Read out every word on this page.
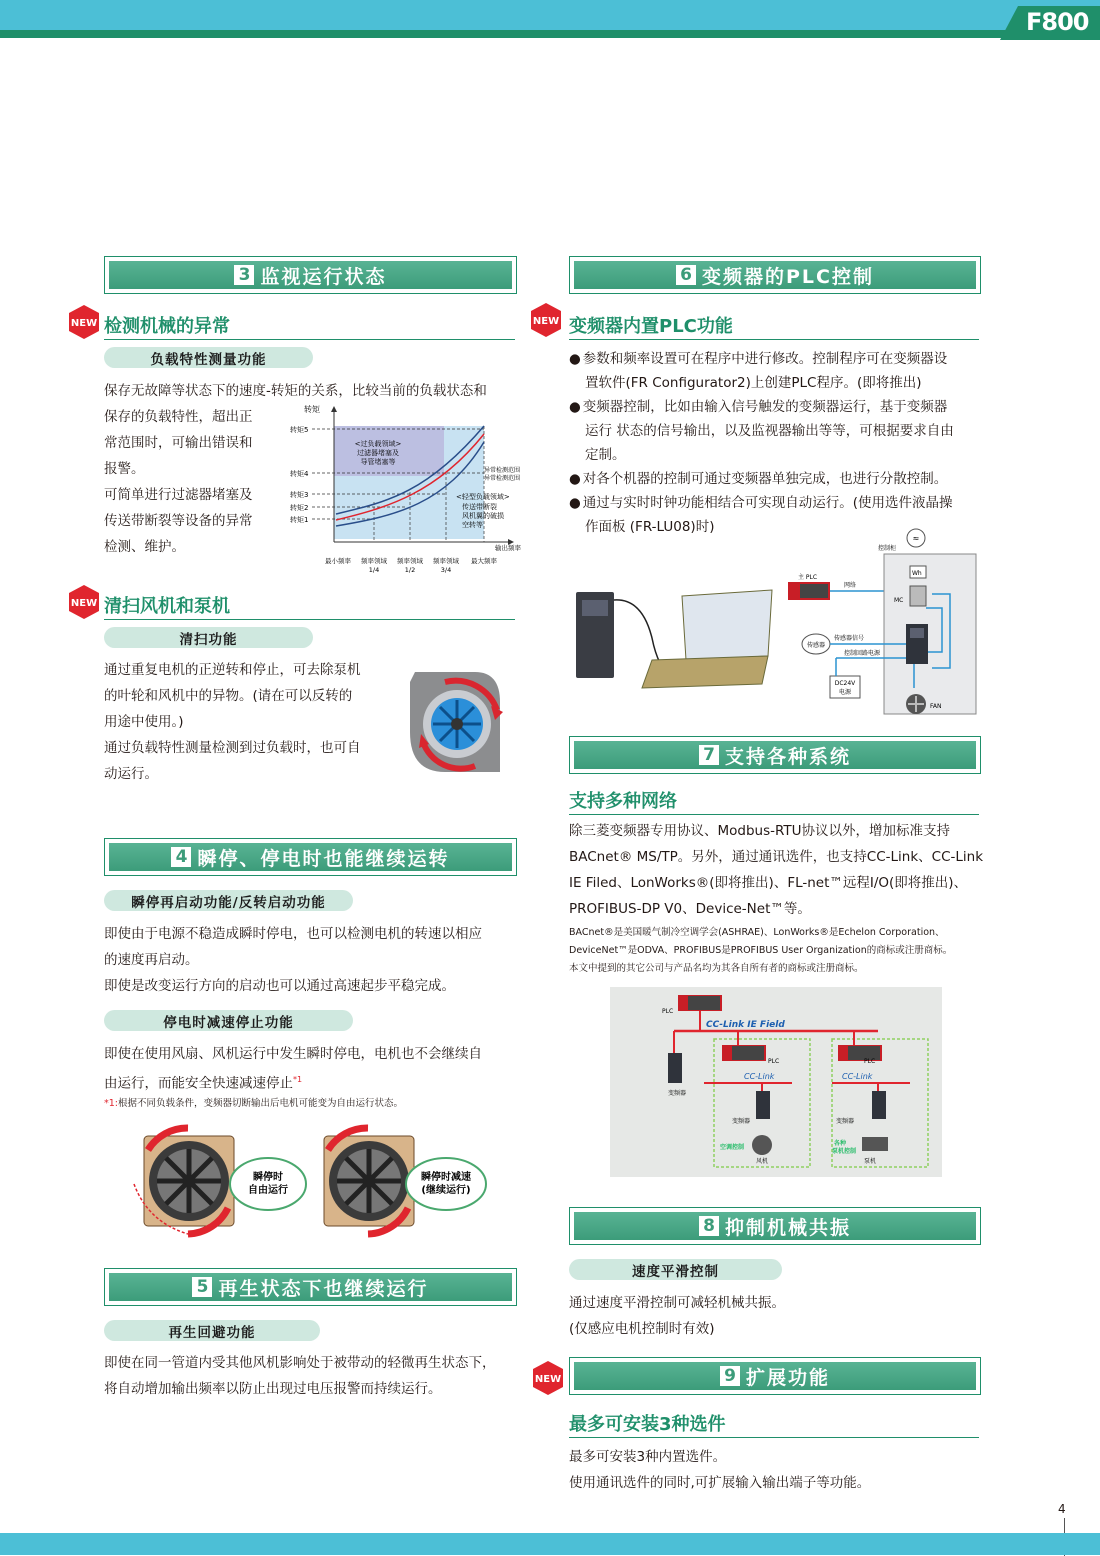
F800
3 监视运行状态
NEW 检测机械的异常
负载特性测量功能
保存无故障等状态下的速度-转矩的关系，比较当前的负载状态和
保存的负载特性，超出正
常范围时，可输出错误和
报警。
可简单进行过滤器堵塞及
传送带断裂等设备的异常
检测、维护。
转矩
转矩5
转矩4
转矩3
转矩2
转矩1
<过负载领域>
过滤器堵塞及
导管堵塞等
异常检测范围
异常检测范围
<轻型负载领域>
传送带断裂
风机翼的破损
空转等
最小频率 频率领域
1/4
频率领域
1/2
频率领域
3/4
最大频率
输出频率
NEW 清扫风机和泵机
清扫功能
通过重复电机的正逆转和停止，可去除泵机
的叶轮和风机中的异物。(请在可以反转的
用途中使用。)
通过负载特性测量检测到过负载时，也可自
动运行。
4 瞬停、停电时也能继续运转
瞬停再启动功能/反转启动功能
即使由于电源不稳造成瞬时停电，也可以检测电机的转速以相应
的速度再启动。
即使是改变运行方向的启动也可以通过高速起步平稳完成。
停电时减速停止功能
即使在使用风扇、风机运行中发生瞬时停电，电机也不会继续自
由运行，而能安全快速减速停止$^{*1}$
*1:根据不同负载条件，变频器切断输出后电机可能变为自由运行状态。
瞬停时
自由运行
瞬停时减速
(继续运行)
5 再生状态下也继续运行
再生回避功能
即使在同一管道内受其他风机影响处于被带动的轻微再生状态下，
将自动增加输出频率以防止出现过电压报警而持续运行。
6 变频器的PLC控制
NEW 变频器内置PLC功能

● 参数和频率设置可在程序中进行修改。控制程序可在变频器设
置软件(FR Configurator2)上创建PLC程序。(即将推出)

● 变频器控制，比如由输入信号触发的变频器运行，基于变频器
运行 状态的信号输出，以及监视器输出等等，可根据要求自由
定制。

● 对各个机器的控制可通过变频器单独完成，也进行分散控制。

● 通过与实时时钟功能相结合可实现自动运行。(使用选件液晶操
作面板 (FR-LU08)时)

主 PLC
网络
控制柜
≈
Wh
MC
传感器
传感器信号
控制回路电源
DC24V
电源
FAN
7 支持各种系统
支持多种网络
除三菱变频器专用协议、Modbus-RTU协议以外，增加标准支持
BACnet® MS/TP。另外，通过通讯选件，也支持CC-Link、CC-Link
IE Filed、LonWorks®(即将推出)、FL-net™远程I/O(即将推出)、
PROFIBUS-DP V0、Device-Net™等。
BACnet®是美国暖气制冷空调学会(ASHRAE)、LonWorks®是Echelon Corporation、
DeviceNet™是ODVA、PROFIBUS是PROFIBUS User Organization的商标或注册商标。
本文中提到的其它公司与产品名均为其各自所有者的商标或注册商标。
PLC
CC-Link IE Field
变频器
PLC
CC-Link
变频器
空调控制
风机
PLC
CC-Link
变频器
各种
泵机控制
泵机
8 抑制机械共振
速度平滑控制
通过速度平滑控制可减轻机械共振。
(仅感应电机控制时有效)
9 扩展功能
NEW
最多可安装3种选件
最多可安装3种内置选件。
使用通讯选件的同时,可扩展输入输出端子等功能。
4
